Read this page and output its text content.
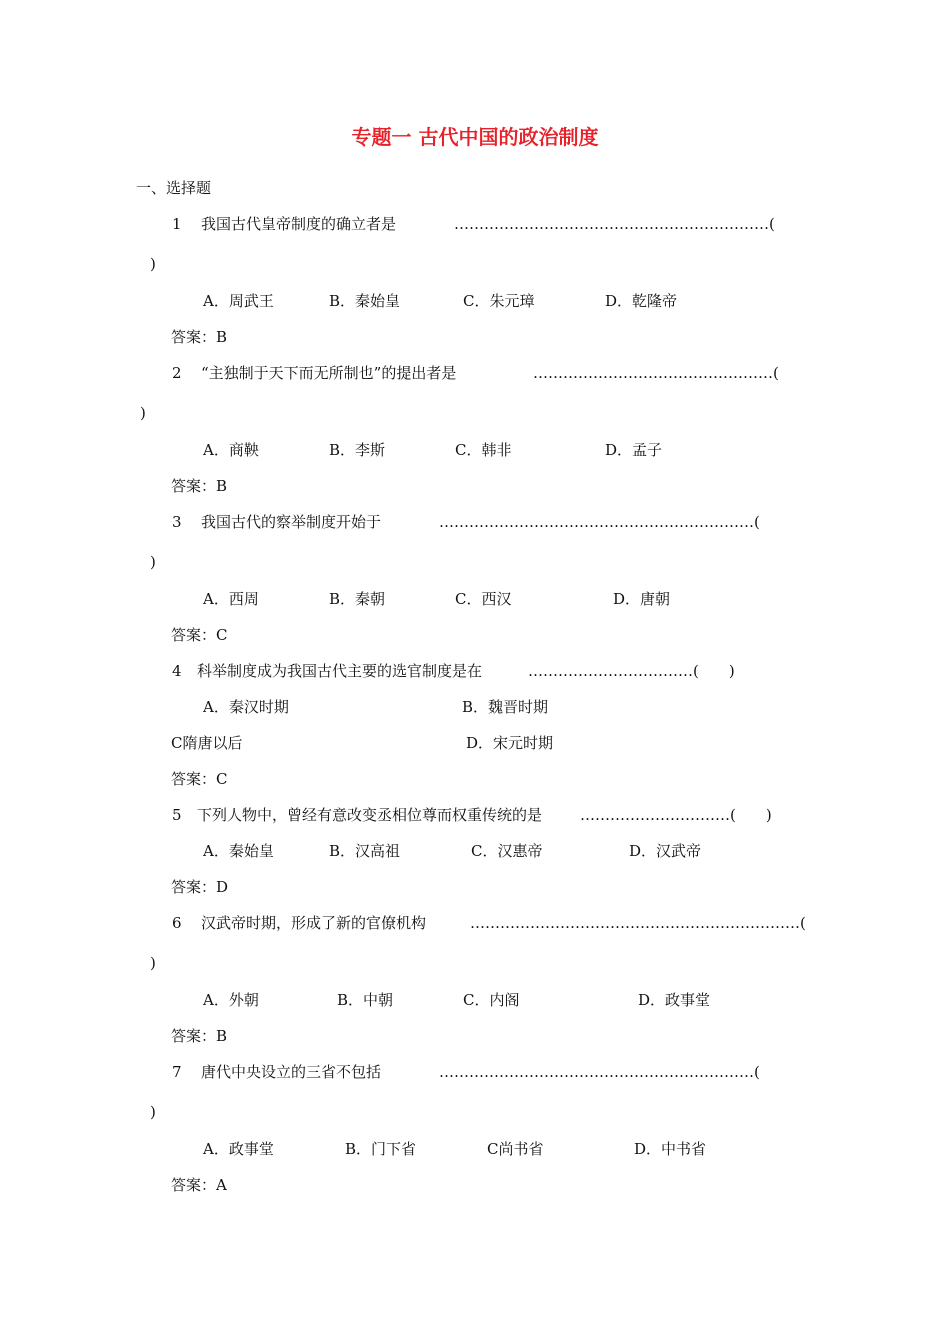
专题一 古代中国的政治制度
一、选择题
1 我国古代皇帝制度的确立者是	………………………………………………………(
)
A．周武王	B．秦始皇	C．朱元璋	D．乾隆帝
答案：B
2 “主独制于天下而无所制也”的提出者是	…………………………………………(
)
A．商鞅	B．李斯	C．韩非	D．孟子
答案：B
3 我国古代的察举制度开始于	………………………………………………………(
)
A．西周	B．秦朝	C．西汉	D．唐朝
答案：C
4 科举制度成为我国古代主要的选官制度是在	……………………………(　　)
A．秦汉时期	B．魏晋时期
C隋唐以后	D．宋元时期
答案：C
5 下列人物中，曾经有意改变丞相位尊而权重传统的是	…………………………(　　)
A．秦始皇	B．汉高祖	C．汉惠帝	D．汉武帝
答案：D
6 汉武帝时期，形成了新的官僚机构	…………………………………………………………(
)
A．外朝	B．中朝	C．内阁	D．政事堂
答案：B
7 唐代中央设立的三省不包括	………………………………………………………(
)
A．政事堂	B．门下省	C尚书省	D．中书省
答案：A
